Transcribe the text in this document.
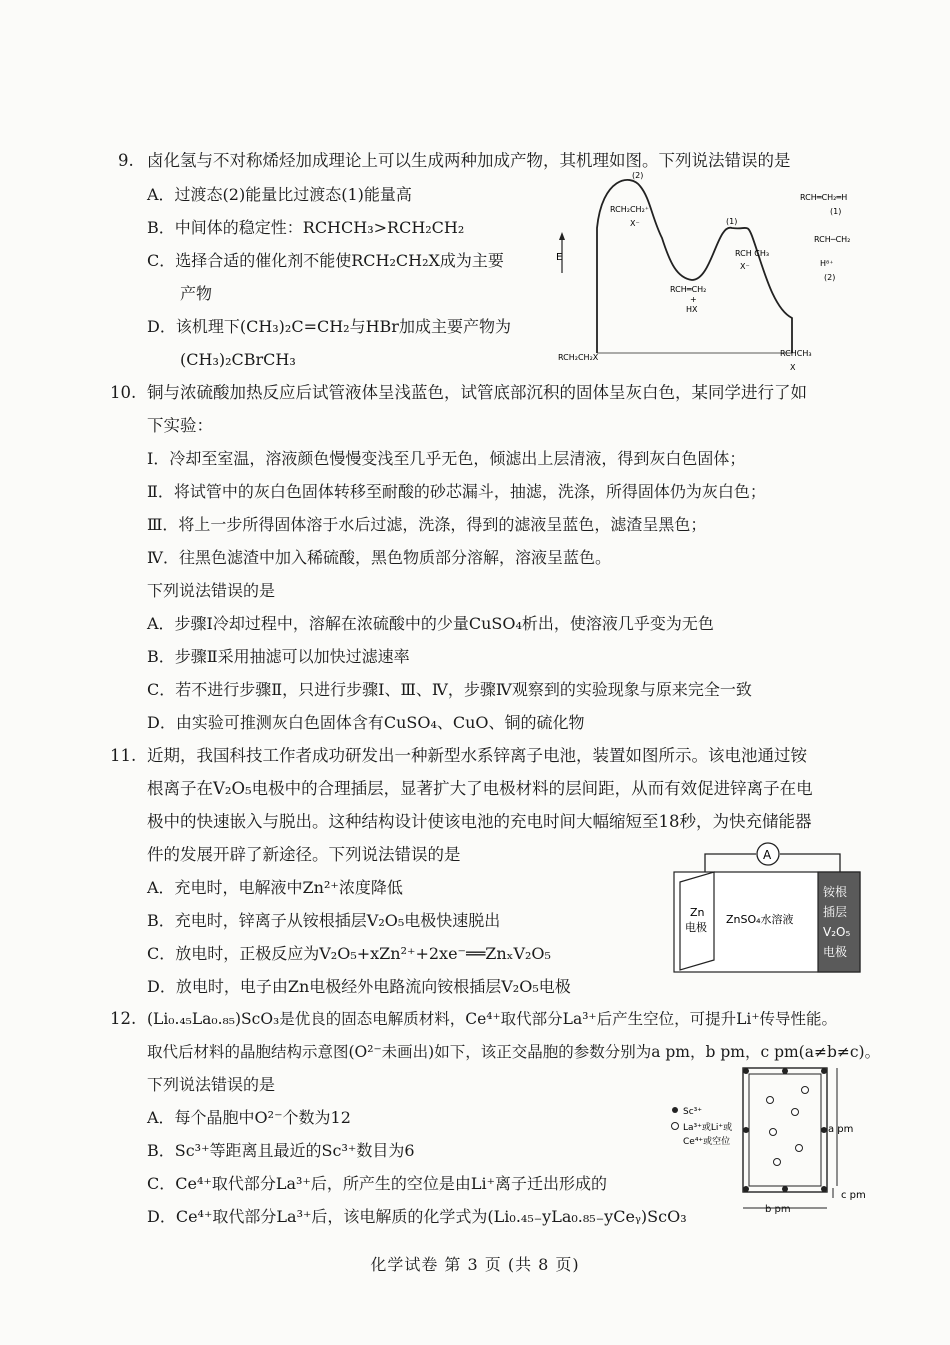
9. 卤化氢与不对称烯烃加成理论上可以生成两种加成产物，其机理如图。下列说法错误的是
A．过渡态(2)能量比过渡态(1)能量高
B．中间体的稳定性：RCHCH₃>RCH₂CH₂
C．选择合适的催化剂不能使RCH₂CH₂X成为主要
产物
D．该机理下(CH₃)₂C=CH₂与HBr加成主要产物为
(CH₃)₂CBrCH₃
E
(2)
RCH₂CH₂⁺
X⁻	(1)
RCH CH₃
X⁻
RCH═CH₂
+
HX
RCH₂CH₂X	RCHCH₃
X
RCH═CH₂═H
(1)
RCH─CH₂
H⁸⁺
(2)
10. 铜与浓硫酸加热反应后试管液体呈浅蓝色，试管底部沉积的固体呈灰白色，某同学进行了如
下实验：
Ⅰ．冷却至室温，溶液颜色慢慢变浅至几乎无色，倾滤出上层清液，得到灰白色固体；
Ⅱ．将试管中的灰白色固体转移至耐酸的砂芯漏斗，抽滤，洗涤，所得固体仍为灰白色；
Ⅲ．将上一步所得固体溶于水后过滤，洗涤，得到的滤液呈蓝色，滤渣呈黑色；
Ⅳ．往黑色滤渣中加入稀硫酸，黑色物质部分溶解，溶液呈蓝色。
下列说法错误的是
A．步骤Ⅰ冷却过程中，溶解在浓硫酸中的少量CuSO₄析出，使溶液几乎变为无色
B．步骤Ⅱ采用抽滤可以加快过滤速率
C．若不进行步骤Ⅱ，只进行步骤Ⅰ、Ⅲ、Ⅳ，步骤Ⅳ观察到的实验现象与原来完全一致
D．由实验可推测灰白色固体含有CuSO₄、CuO、铜的硫化物
11. 近期，我国科技工作者成功研发出一种新型水系锌离子电池，装置如图所示。该电池通过铵
根离子在V₂O₅电极中的合理插层，显著扩大了电极材料的层间距，从而有效促进锌离子在电
极中的快速嵌入与脱出。这种结构设计使该电池的充电时间大幅缩短至18秒，为快充储能器
件的发展开辟了新途径。下列说法错误的是
A．充电时，电解液中Zn²⁺浓度降低
B．充电时，锌离子从铵根插层V₂O₅电极快速脱出
C．放电时，正极反应为V₂O₅+xZn²⁺+2xe⁻══ZnₓV₂O₅
D．放电时，电子由Zn电极经外电路流向铵根插层V₂O₅电极
A
Zn
电极
ZnSO₄水溶液
铵根
插层
V₂O₅
电极
12. (Li₀.₄₅La₀.₈₅)ScO₃是优良的固态电解质材料，Ce⁴⁺取代部分La³⁺后产生空位，可提升Li⁺传导性能。
取代后材料的晶胞结构示意图(O²⁻未画出)如下，该正交晶胞的参数分别为a pm，b pm，c pm(a≠b≠c)。
下列说法错误的是
A．每个晶胞中O²⁻个数为12
B．Sc³⁺等距离且最近的Sc³⁺数目为6
C．Ce⁴⁺取代部分La³⁺后，所产生的空位是由Li⁺离子迁出形成的
D．Ce⁴⁺取代部分La³⁺后，该电解质的化学式为(Li₀.₄₅₋yLa₀.₈₅₋yCeᵧ)ScO₃
Sc³⁺
La³⁺或Li⁺或
Ce⁴⁺或空位
a pm
b pm
c pm
化学试卷 第 3 页 (共 8 页)
